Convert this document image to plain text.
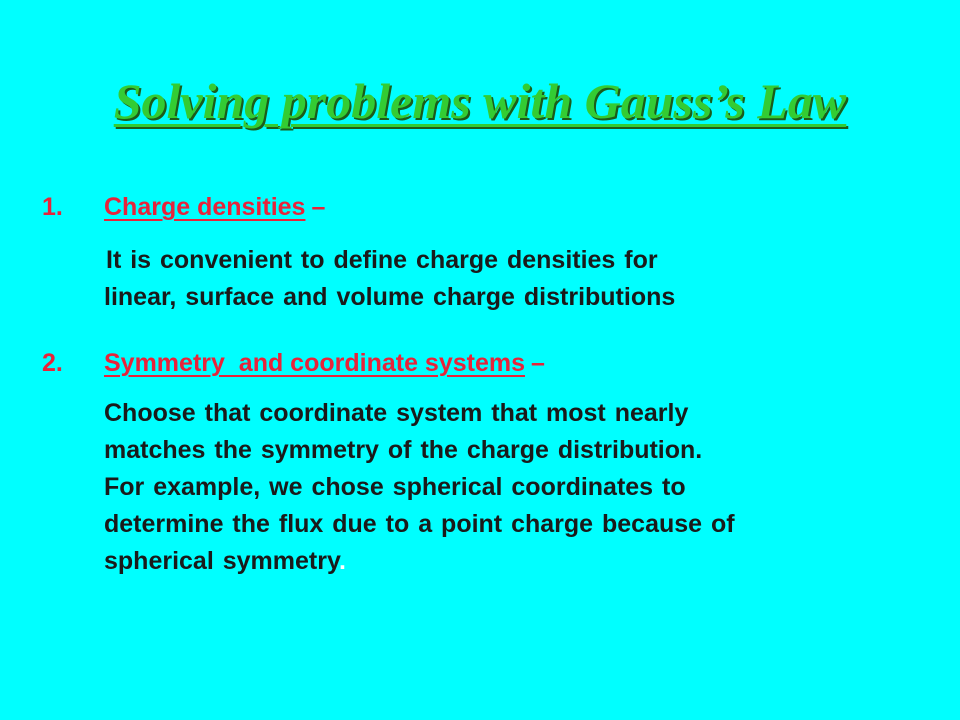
Solving problems with Gauss’s Law
1. Charge densities –
It is convenient to define charge densities for
linear, surface and volume charge distributions
2. Symmetry  and coordinate systems –
Choose that coordinate system that most nearly
matches the symmetry of the charge distribution.
For example, we chose spherical coordinates to
determine the flux due to a point charge because of
spherical symmetry.
